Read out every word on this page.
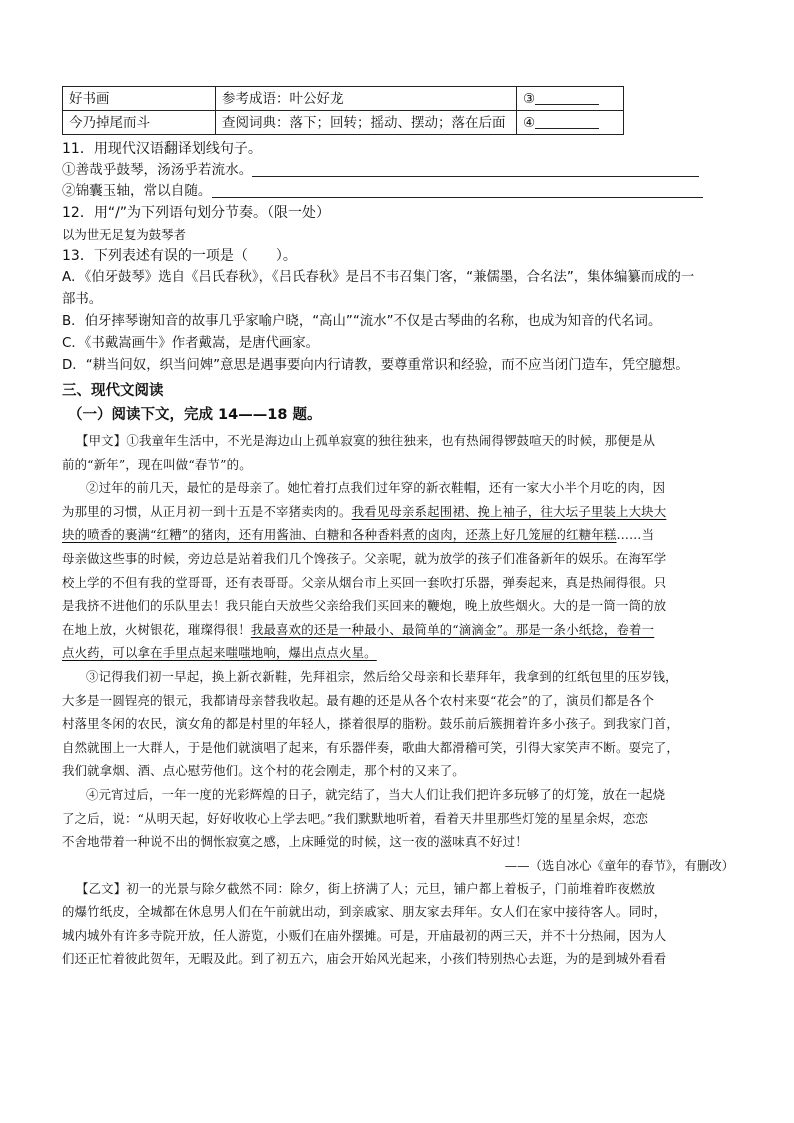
好书画	参考成语：叶公好龙	③
今乃掉尾而斗	查阅词典：落下；回转；摇动、摆动；落在后面	④

11．用现代汉语翻译划线句子。

①善哉乎鼓琴，汤汤乎若流水。

②锦囊玉轴，常以自随。

12．用“/”为下列语句划分节奏。（限一处）

以为世无足复为鼓琴者

13．下列表述有误的一项是（　　）。

A．《伯牙鼓琴》选自《吕氏春秋》，《吕氏春秋》是吕不韦召集门客，“兼儒墨，合名法”，集体编纂而成的一

部书。

B．伯牙摔琴谢知音的故事几乎家喻户晓，“高山”“流水”不仅是古琴曲的名称，也成为知音的代名词。

C．《书戴嵩画牛》作者戴嵩，是唐代画家。

D．“耕当问奴，织当问婢”意思是遇事要向内行请教，要尊重常识和经验，而不应当闭门造车，凭空臆想。

三、现代文阅读

（一）阅读下文，完成 14——18 题。

【甲文】①我童年生活中，不光是海边山上孤单寂寞的独往独来，也有热闹得锣鼓喧天的时候，那便是从

前的“新年”，现在叫做“春节”的。

②过年的前几天，最忙的是母亲了。她忙着打点我们过年穿的新衣鞋帽，还有一家大小半个月吃的肉，因

为那里的习惯，从正月初一到十五是不宰猪卖肉的。我看见母亲系起围裙、挽上袖子，往大坛子里装上大块大

块的喷香的裹满“红糟”的猪肉，还有用酱油、白糖和各种香料煮的卤肉，还蒸上好几笼屉的红糖年糕……当

母亲做这些事的时候，旁边总是站着我们几个馋孩子。父亲呢，就为放学的孩子们准备新年的娱乐。在海军学

校上学的不但有我的堂哥哥，还有表哥哥。父亲从烟台市上买回一套吹打乐器，弹奏起来，真是热闹得很。只

是我挤不进他们的乐队里去！我只能白天放些父亲给我们买回来的鞭炮，晚上放些烟火。大的是一筒一筒的放

在地上放，火树银花，璀璨得很！我最喜欢的还是一种最小、最简单的“滴滴金”。那是一条小纸捻，卷着一

点火药，可以拿在手里点起来嗤嗤地响，爆出点点火星。

③记得我们初一早起，换上新衣新鞋，先拜祖宗，然后给父母亲和长辈拜年，我拿到的红纸包里的压岁钱，

大多是一圆锃亮的银元，我都请母亲替我收起。最有趣的还是从各个农村来耍“花会”的了，演员们都是各个

村落里冬闲的农民，演女角的都是村里的年轻人，搽着很厚的脂粉。鼓乐前后簇拥着许多小孩子。到我家门首，

自然就围上一大群人，于是他们就演唱了起来，有乐器伴奏，歌曲大都滑稽可笑，引得大家笑声不断。耍完了，

我们就拿烟、酒、点心慰劳他们。这个村的花会刚走，那个村的又来了。

④元宵过后，一年一度的光彩辉煌的日子，就完结了，当大人们让我们把许多玩够了的灯笼，放在一起烧

了之后，说：“从明天起，好好收收心上学去吧。”我们默默地听着，看着天井里那些灯笼的星星余烬，恋恋

不舍地带着一种说不出的惆怅寂寞之感，上床睡觉的时候，这一夜的滋味真不好过！

——（选自冰心《童年的春节》，有删改）

【乙文】初一的光景与除夕截然不同：除夕，街上挤满了人；元旦，铺户都上着板子，门前堆着昨夜燃放

的爆竹纸皮，全城都在休息男人们在午前就出动，到亲戚家、朋友家去拜年。女人们在家中接待客人。同时，

城内城外有许多寺院开放，任人游览，小贩们在庙外摆摊。可是，开庙最初的两三天，并不十分热闹，因为人

们还正忙着彼此贺年，无暇及此。到了初五六，庙会开始风光起来，小孩们特别热心去逛，为的是到城外看看
